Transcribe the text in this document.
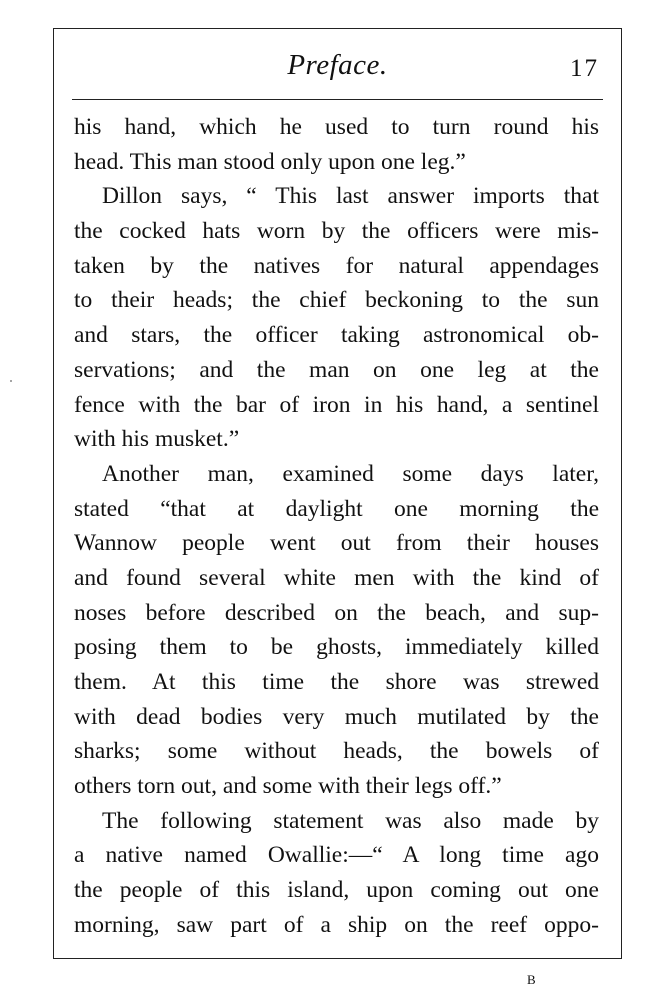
Preface.	17
his hand, which he used to turn round his
head. This man stood only upon one leg.”
Dillon says, “ This last answer imports that
the cocked hats worn by the officers were mis-
taken by the natives for natural appendages
to their heads; the chief beckoning to the sun
and stars, the officer taking astronomical ob-
servations; and the man on one leg at the
fence with the bar of iron in his hand, a sentinel
with his musket.”
Another man, examined some days later,
stated “that at daylight one morning the
Wannow people went out from their houses
and found several white men with the kind of
noses before described on the beach, and sup-
posing them to be ghosts, immediately killed
them. At this time the shore was strewed
with dead bodies very much mutilated by the
sharks; some without heads, the bowels of
others torn out, and some with their legs off.”
The following statement was also made by
a native named Owallie:—“ A long time ago
the people of this island, upon coming out one
morning, saw part of a ship on the reef oppo-
B
